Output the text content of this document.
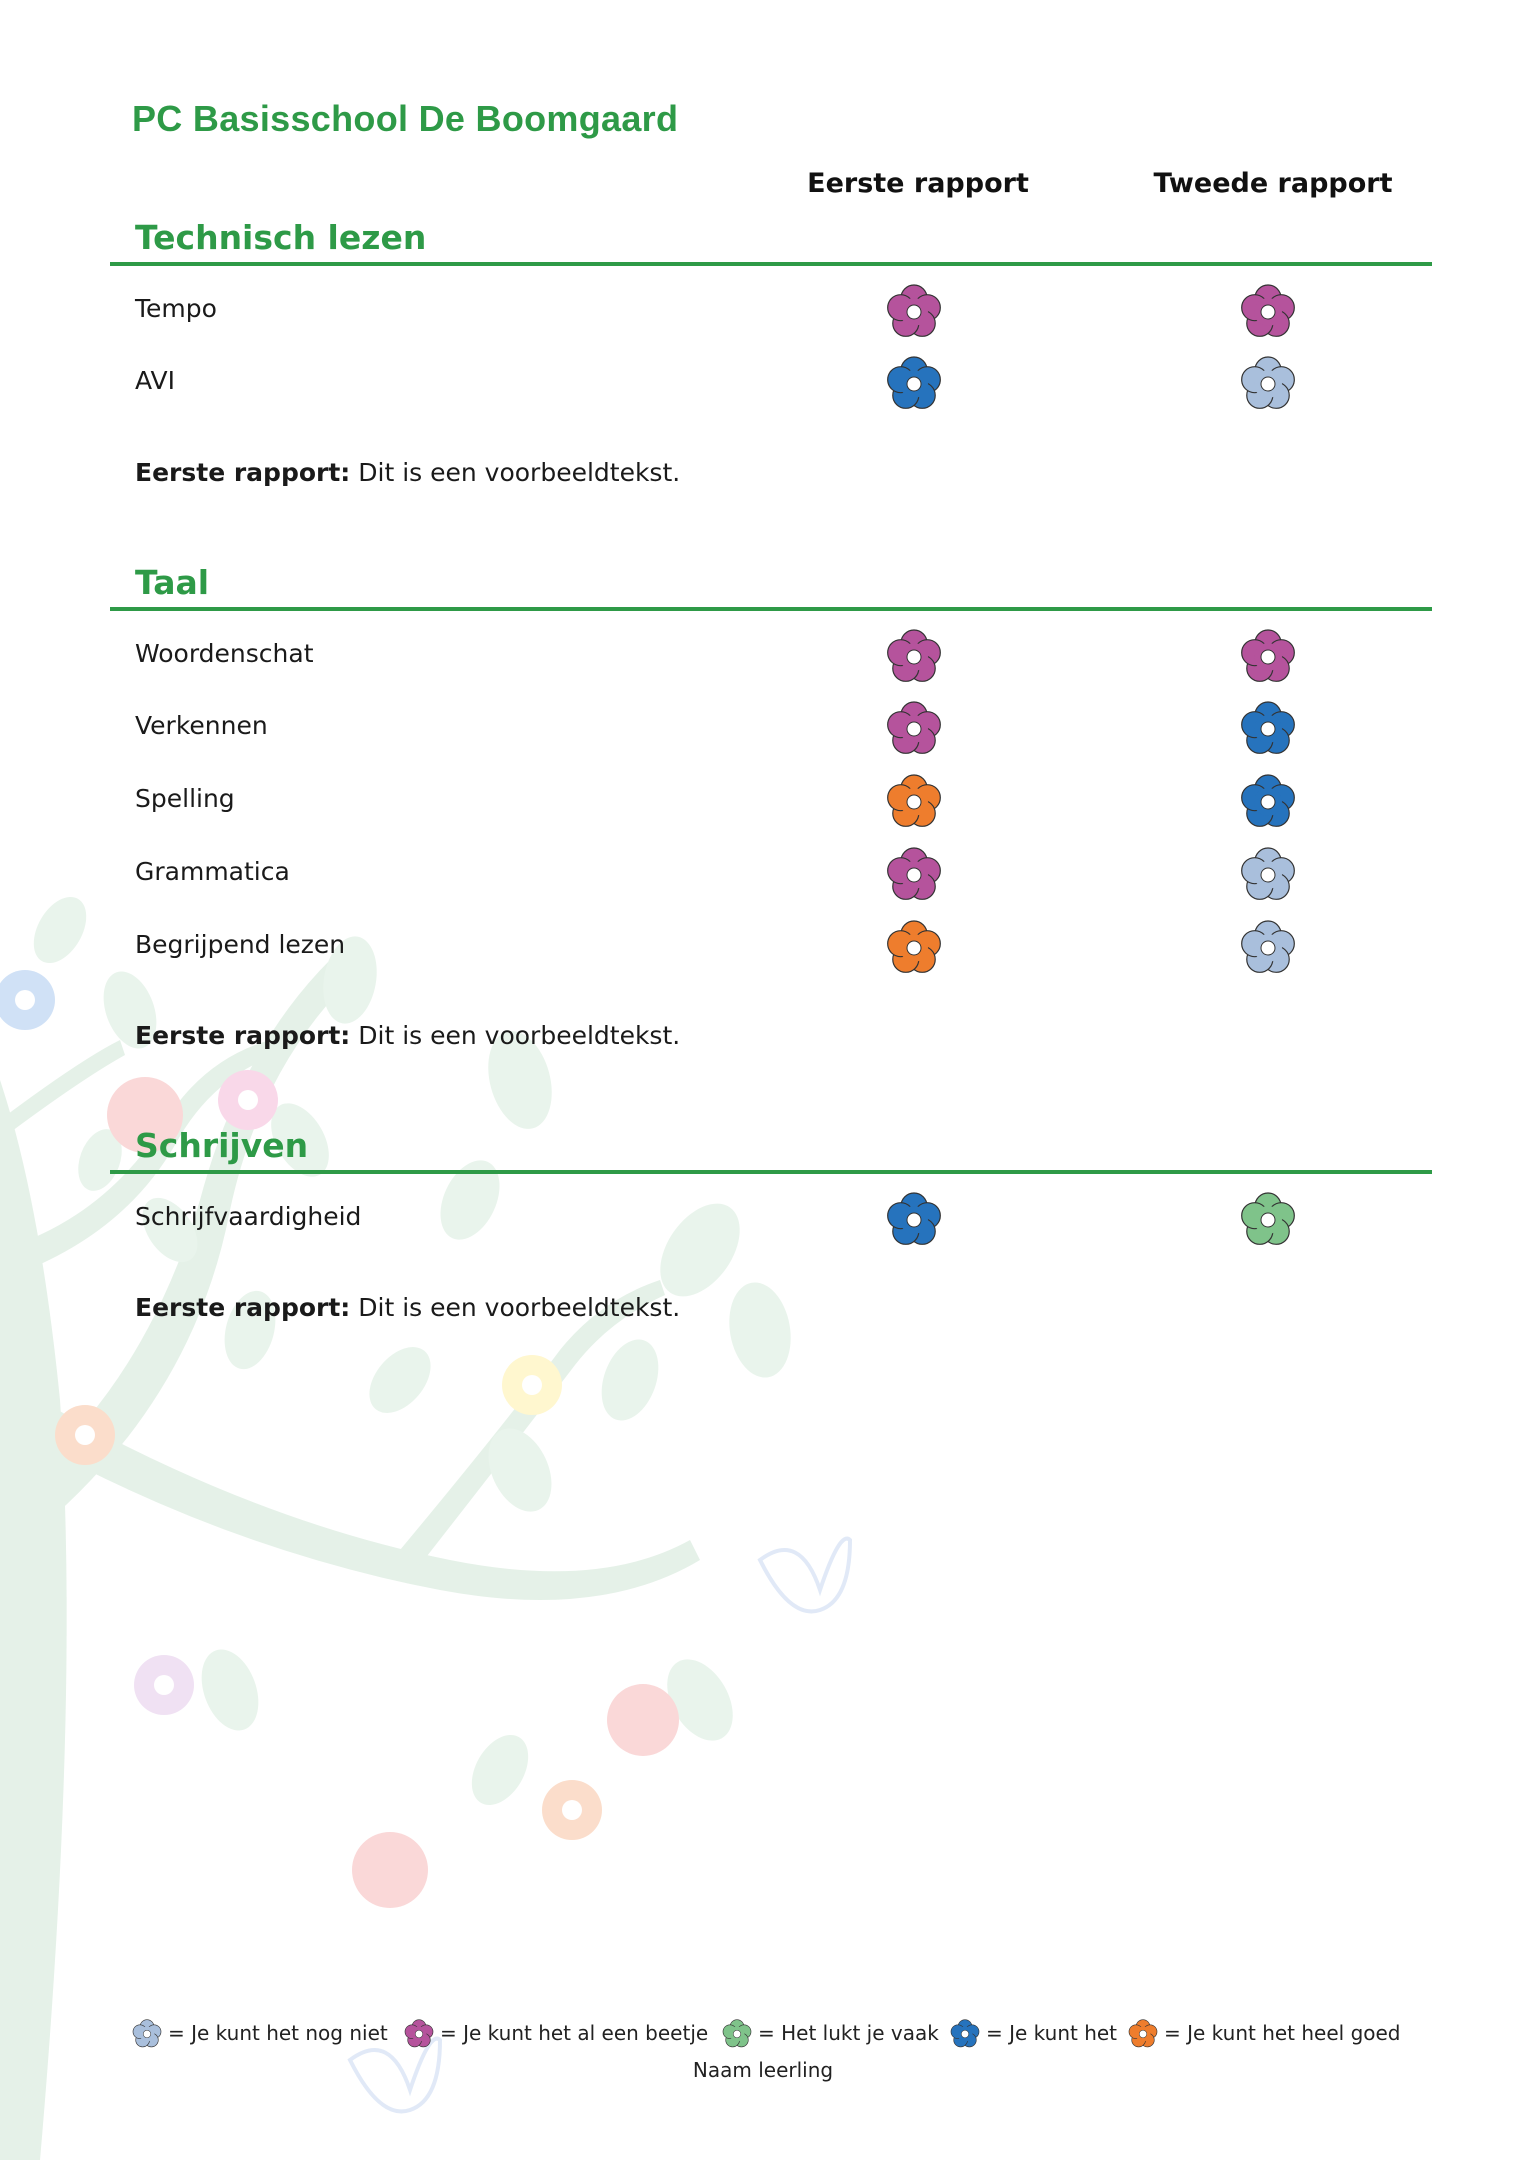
PC Basisschool De Boomgaard
Eerste rapport	Tweede rapport
Technisch lezen
Tempo
AVI
Eerste rapport: Dit is een voorbeeldtekst.
Taal
Woordenschat
Verkennen
Spelling
Grammatica
Begrijpend lezen
Eerste rapport: Dit is een voorbeeldtekst.
Schrijven
Schrijfvaardigheid
Eerste rapport: Dit is een voorbeeldtekst.
= Je kunt het nog niet	= Je kunt het al een beetje = Het lukt je vaak = Je kunt het = Je kunt het heel goed
Naam leerling
